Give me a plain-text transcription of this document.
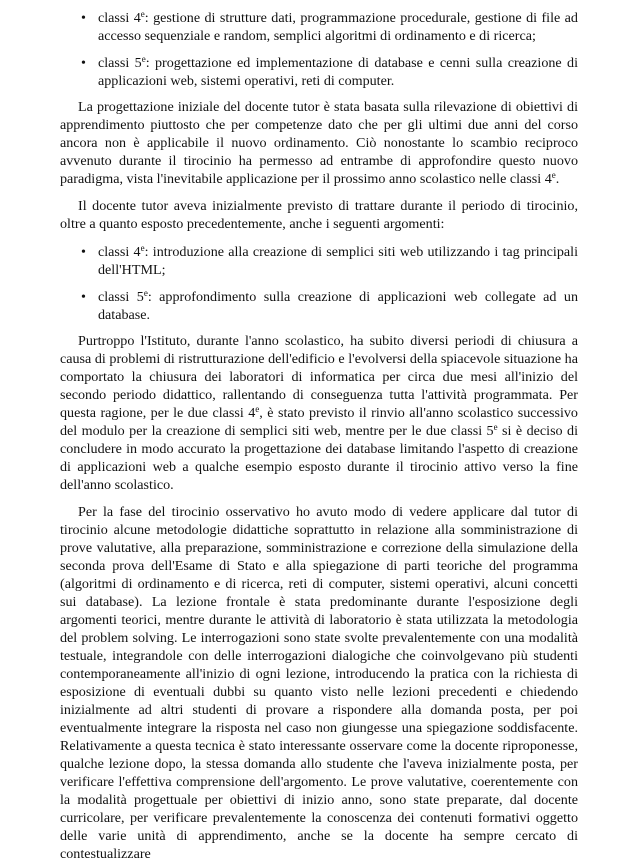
• classi 4e: gestione di strutture dati, programmazione procedurale, gestione di file ad accesso sequenziale e random, semplici algoritmi di ordinamento e di ricerca;
• classi 5e: progettazione ed implementazione di database e cenni sulla creazione di applicazioni web, sistemi operativi, reti di computer.

La progettazione iniziale del docente tutor è stata basata sulla rilevazione di obiettivi di apprendimento piuttosto che per competenze dato che per gli ultimi due anni del corso ancora non è applicabile il nuovo ordinamento. Ciò nonostante lo scambio reciproco avvenuto durante il tirocinio ha permesso ad entrambe di approfondire questo nuovo paradigma, vista l'inevitabile applicazione per il prossimo anno scolastico nelle classi 4e.

Il docente tutor aveva inizialmente previsto di trattare durante il periodo di tirocinio, oltre a quanto esposto precedentemente, anche i seguenti argomenti:

• classi 4e: introduzione alla creazione di semplici siti web utilizzando i tag principali dell'HTML;
• classi 5e: approfondimento sulla creazione di applicazioni web collegate ad un database.

Purtroppo l'Istituto, durante l'anno scolastico, ha subito diversi periodi di chiusura a causa di problemi di ristrutturazione dell'edificio e l'evolversi della spiacevole situazione ha comportato la chiusura dei laboratori di informatica per circa due mesi all'inizio del secondo periodo didattico, rallentando di conseguenza tutta l'attività programmata. Per questa ragione, per le due classi 4e, è stato previsto il rinvio all'anno scolastico successivo del modulo per la creazione di semplici siti web, mentre per le due classi 5e si è deciso di concludere in modo accurato la progettazione dei database limitando l'aspetto di creazione di applicazioni web a qualche esempio esposto durante il tirocinio attivo verso la fine dell'anno scolastico.

Per la fase del tirocinio osservativo ho avuto modo di vedere applicare dal tutor di tirocinio alcune metodologie didattiche soprattutto in relazione alla somministrazione di prove valutative, alla preparazione, somministrazione e correzione della simulazione della seconda prova dell'Esame di Stato e alla spiegazione di parti teoriche del programma (algoritmi di ordinamento e di ricerca, reti di computer, sistemi operativi, alcuni concetti sui database). La lezione frontale è stata predominante durante l'esposizione degli argomenti teorici, mentre durante le attività di laboratorio è stata utilizzata la metodologia del problem solving. Le interrogazioni sono state svolte prevalentemente con una modalità testuale, integrandole con delle interrogazioni dialogiche che coinvolgevano più studenti contemporaneamente all'inizio di ogni lezione, introducendo la pratica con la richiesta di esposizione di eventuali dubbi su quanto visto nelle lezioni precedenti e chiedendo inizialmente ad altri studenti di provare a rispondere alla domanda posta, per poi eventualmente integrare la risposta nel caso non giungesse una spiegazione soddisfacente. Relativamente a questa tecnica è stato interessante osservare come la docente riproponesse, qualche lezione dopo, la stessa domanda allo studente che l'aveva inizialmente posta, per verificare l'effettiva comprensione dell'argomento. Le prove valutative, coerentemente con la modalità progettuale per obiettivi di inizio anno, sono state preparate, dal docente curricolare, per verificare prevalentemente la conoscenza dei contenuti formativi oggetto delle varie unità di apprendimento, anche se la docente ha sempre cercato di contestualizzare
